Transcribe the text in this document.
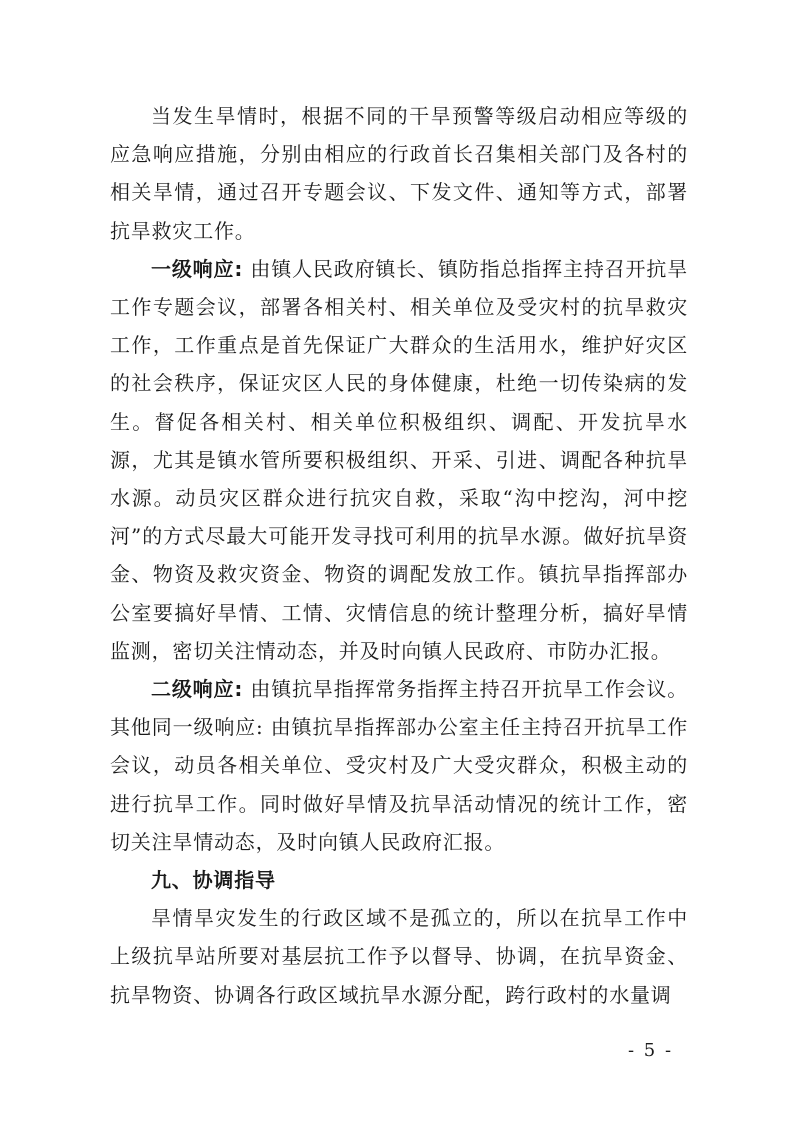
当发生旱情时，根据不同的干旱预警等级启动相应等级的应急响应措施，分别由相应的行政首长召集相关部门及各村的相关旱情，通过召开专题会议、下发文件、通知等方式，部署抗旱救灾工作。

一级响应: 由镇人民政府镇长、镇防指总指挥主持召开抗旱工作专题会议，部署各相关村、相关单位及受灾村的抗旱救灾工作，工作重点是首先保证广大群众的生活用水，维护好灾区的社会秩序，保证灾区人民的身体健康，杜绝一切传染病的发生。督促各相关村、相关单位积极组织、调配、开发抗旱水源，尤其是镇水管所要积极组织、开采、引进、调配各种抗旱水源。动员灾区群众进行抗灾自救，采取“沟中挖沟，河中挖河”的方式尽最大可能开发寻找可利用的抗旱水源。做好抗旱资金、物资及救灾资金、物资的调配发放工作。镇抗旱指挥部办公室要搞好旱情、工情、灾情信息的统计整理分析，搞好旱情监测，密切关注情动态，并及时向镇人民政府、市防办汇报。

二级响应: 由镇抗旱指挥常务指挥主持召开抗旱工作会议。其他同一级响应: 由镇抗旱指挥部办公室主任主持召开抗旱工作会议，动员各相关单位、受灾村及广大受灾群众，积极主动的进行抗旱工作。同时做好旱情及抗旱活动情况的统计工作，密切关注旱情动态，及时向镇人民政府汇报。

九、协调指导

旱情旱灾发生的行政区域不是孤立的，所以在抗旱工作中上级抗旱站所要对基层抗工作予以督导、协调，在抗旱资金、抗旱物资、协调各行政区域抗旱水源分配，跨行政村的水量调

- 5 -
